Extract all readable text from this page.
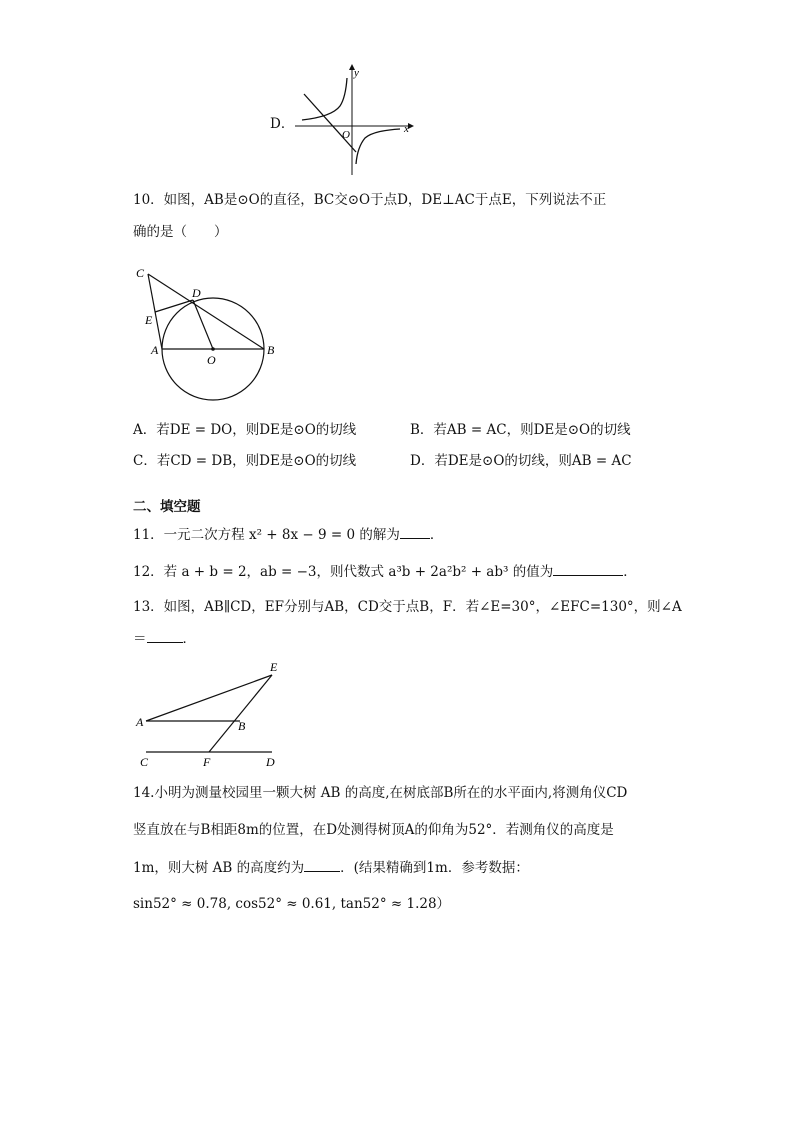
D．
y
x
O
10．如图，AB是⊙O的直径，BC交⊙O于点D，DE⊥AC于点E，下列说法不正
确的是（　　）
C
D
E
A
O
B
A．若DE = DO，则DE是⊙O的切线	B．若AB = AC，则DE是⊙O的切线
C．若CD = DB，则DE是⊙O的切线	D．若DE是⊙O的切线，则AB = AC
二、填空题
11．一元二次方程 x² + 8x − 9 = 0 的解为 ．
12．若 a + b = 2，ab = −3，则代数式 a³b + 2a²b² + ab³ 的值为	．
13．如图，AB∥CD，EF分别与AB，CD交于点B，F．若∠E=30°，∠EFC=130°，则∠A
＝	．
E
A	B
C	F	D
14.小明为测量校园里一颗大树 AB 的高度,在树底部B所在的水平面内,将测角仪CD
竖直放在与B相距8m的位置，在D处测得树顶A的仰角为52°．若测角仪的高度是
1m，则大树 AB 的高度约为	．(结果精确到1m．参考数据：
sin52° ≈ 0.78, cos52° ≈ 0.61, tan52° ≈ 1.28）
